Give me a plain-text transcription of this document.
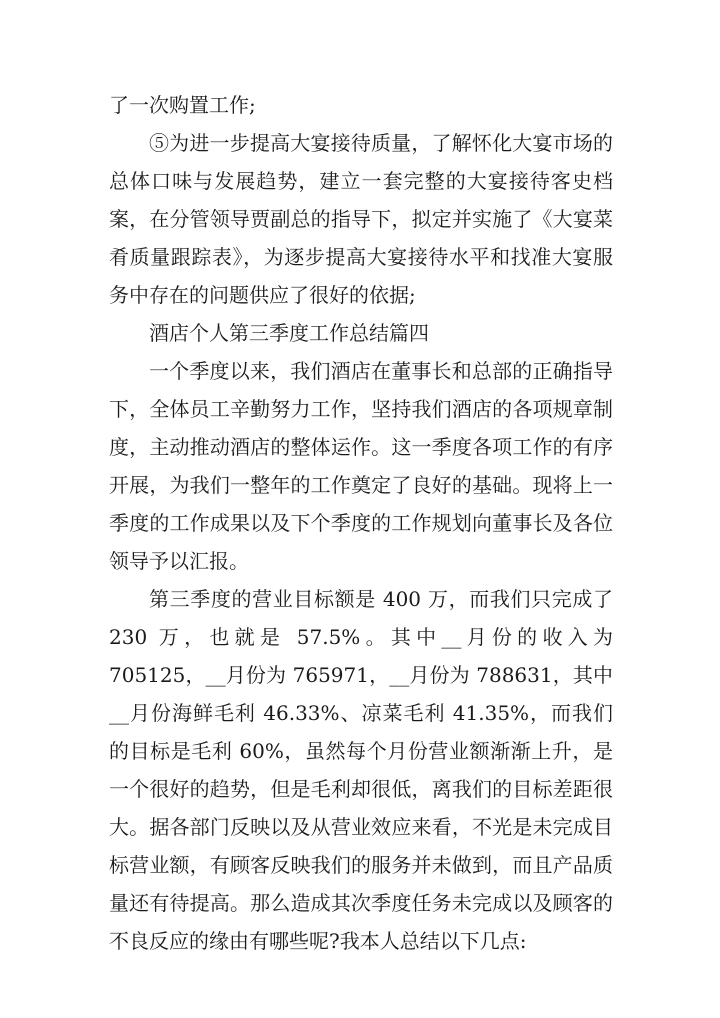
了一次购置工作;

⑤为进一步提高大宴接待质量，了解怀化大宴市场的总体口味与发展趋势，建立一套完整的大宴接待客史档案，在分管领导贾副总的指导下，拟定并实施了《大宴菜肴质量跟踪表》，为逐步提高大宴接待水平和找准大宴服务中存在的问题供应了很好的依据;

酒店个人第三季度工作总结篇四

一个季度以来，我们酒店在董事长和总部的正确指导下，全体员工辛勤努力工作，坚持我们酒店的各项规章制度，主动推动酒店的整体运作。这一季度各项工作的有序开展，为我们一整年的工作奠定了良好的基础。现将上一季度的工作成果以及下个季度的工作规划向董事长及各位领导予以汇报。

第三季度的营业目标额是 400 万，而我们只完成了 230 万，也就是 57.5%。其中__月份的收入为 705125，__月份为 765971，__月份为 788631，其中__月份海鲜毛利 46.33%、凉菜毛利 41.35%，而我们的目标是毛利 60%，虽然每个月份营业额渐渐上升，是一个很好的趋势，但是毛利却很低，离我们的目标差距很大。据各部门反映以及从营业效应来看，不光是未完成目标营业额，有顾客反映我们的服务并未做到，而且产品质量还有待提高。那么造成其次季度任务未完成以及顾客的不良反应的缘由有哪些呢?我本人总结以下几点:
